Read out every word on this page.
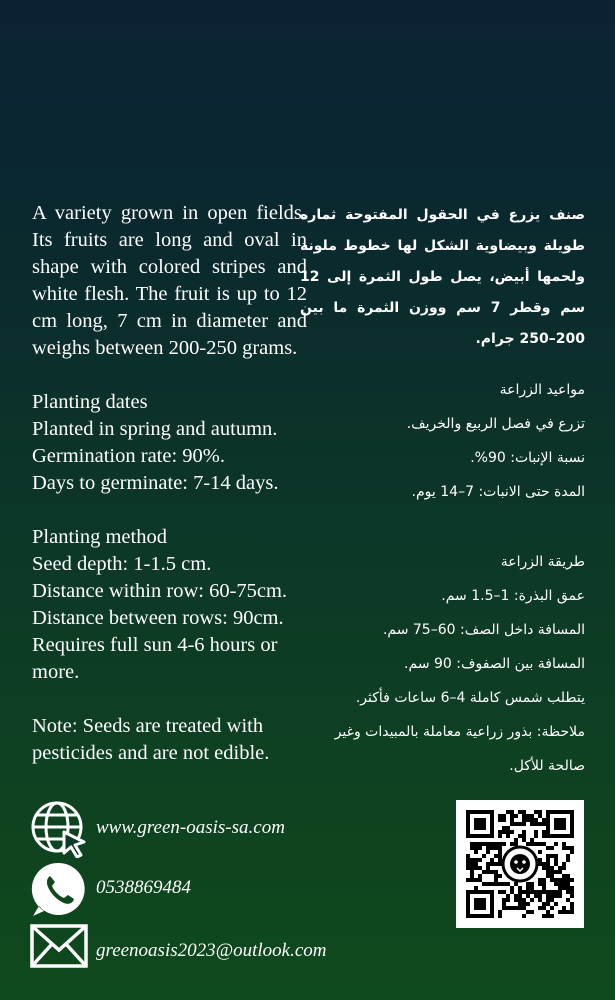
A variety grown in open fields. Its fruits are long and oval in shape with colored stripes and white flesh. The fruit is up to 12 cm long, 7 cm in diameter and weighs between 200-250 grams.

Planting dates

Planted in spring and autumn.

Germination rate: 90%.

Days to germinate: 7-14 days.

Planting method

Seed depth: 1-1.5 cm.

Distance within row: 60-75cm.

Distance between rows: 90cm.

Requires full sun 4-6 hours or more.

Note: Seeds are treated with pesticides and are not edible.

صنف يزرع في الحقول المفتوحة ثماره طويلة وبيضاوية الشكل لها خطوط ملونة ولحمها أبيض، يصل طول الثمرة إلى 12 سم وقطر 7 سم ووزن الثمرة ما بين 200–250 جرام.

مواعيد الزراعة

تزرع في فصل الربيع والخريف.

نسبة الإنبات: 90%.

المدة حتى الانبات: 7–14 يوم.

طريقة الزراعة

عمق البذرة: 1–1.5 سم.

المسافة داخل الصف: 60–75 سم.

المسافة بين الصفوف: 90 سم.

يتطلب شمس كاملة 4–6 ساعات فأكثر.

ملاحظة: بذور زراعية معاملة بالمبيدات وغير صالحة للأكل.

www.green-oasis-sa.com
0538869484
greenoasis2023@outlook.com
